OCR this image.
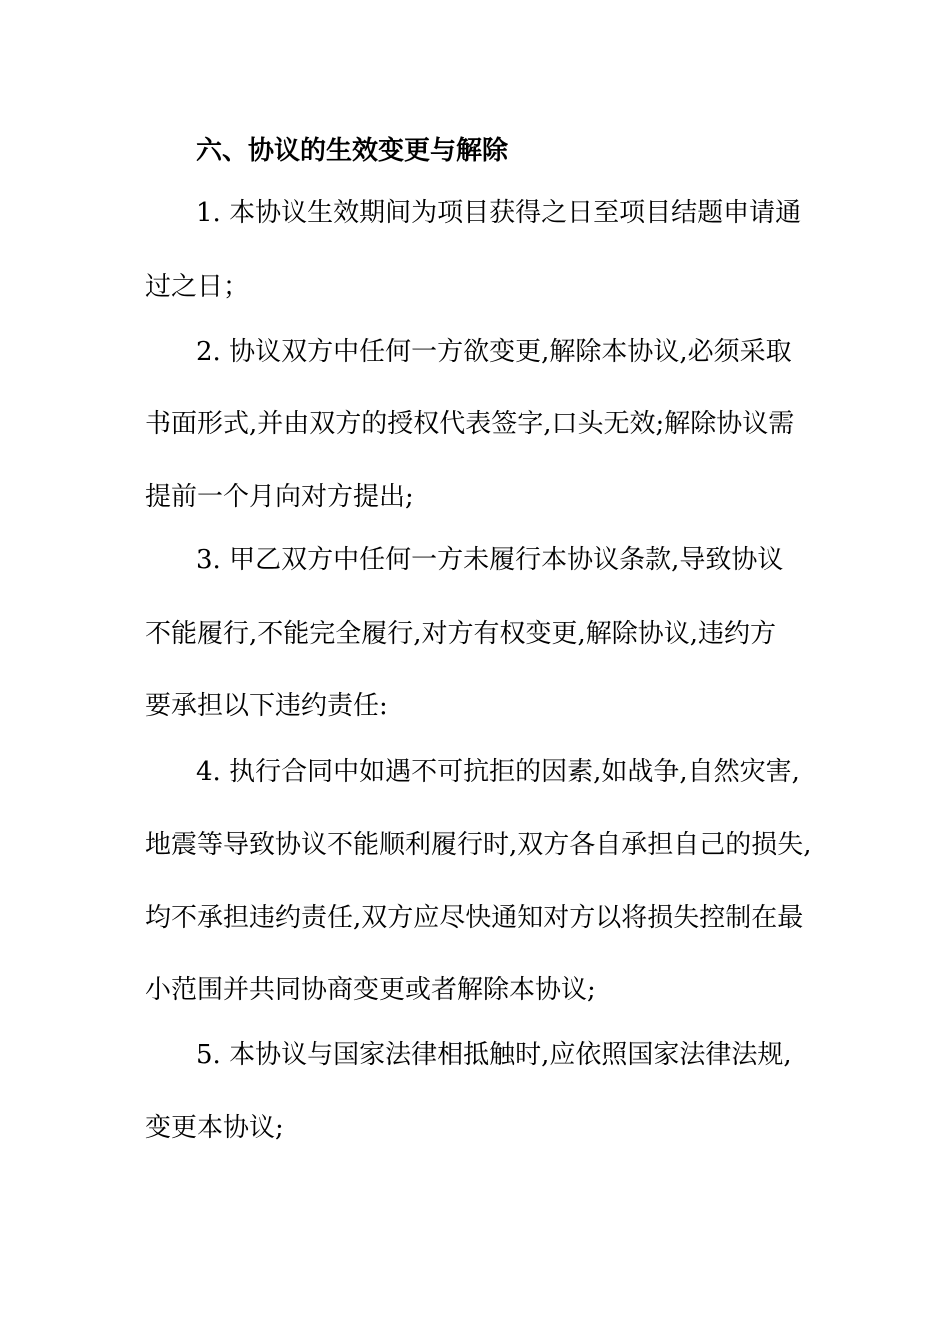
六、协议的生效变更与解除
1. 本协议生效期间为项目获得之日至项目结题申请通
过之日；
2. 协议双方中任何一方欲变更,解除本协议,必须采取
书面形式,并由双方的授权代表签字,口头无效;解除协议需
提前一个月向对方提出;
3. 甲乙双方中任何一方未履行本协议条款,导致协议
不能履行,不能完全履行,对方有权变更,解除协议,违约方
要承担以下违约责任:
4. 执行合同中如遇不可抗拒的因素,如战争,自然灾害,
地震等导致协议不能顺利履行时,双方各自承担自己的损失,
均不承担违约责任,双方应尽快通知对方以将损失控制在最
小范围并共同协商变更或者解除本协议;
5. 本协议与国家法律相抵触时,应依照国家法律法规,
变更本协议;
